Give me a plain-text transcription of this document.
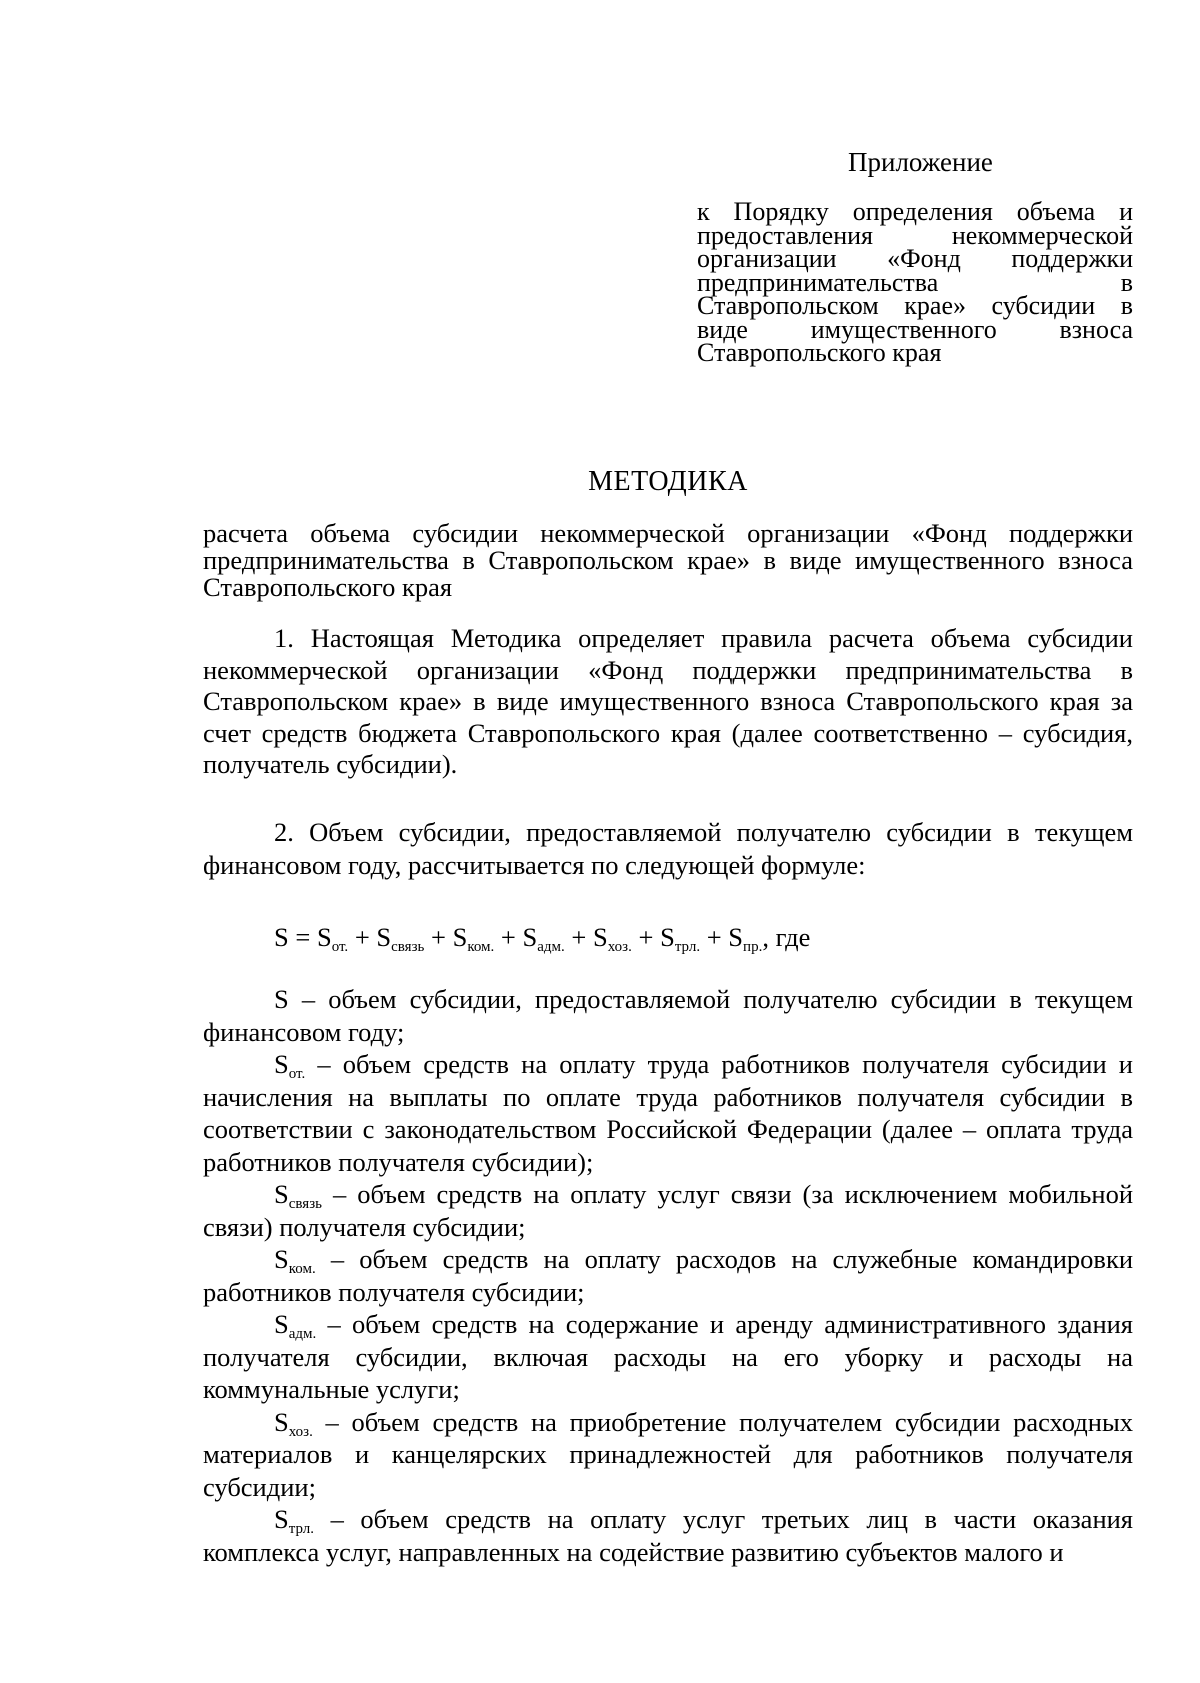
Приложение
к Порядку определения объема и предоставления некоммерческой организации «Фонд поддержки предпринимательства в Ставропольском крае» субсидии в виде имущественного взноса Ставропольского края
МЕТОДИКА
расчета объема субсидии некоммерческой организации «Фонд поддержки предпринимательства в Ставропольском крае» в виде имущественного взноса Ставропольского края
1. Настоящая Методика определяет правила расчета объема субсидии некоммерческой организации «Фонд поддержки предпринимательства в Ставропольском крае» в виде имущественного взноса Ставропольского края за счет средств бюджета Ставропольского края (далее соответственно – субсидия, получатель субсидии).
2. Объем субсидии, предоставляемой получателю субсидии в текущем финансовом году, рассчитывается по следующей формуле:
$S = S_{от.} + S_{связь} + S_{ком.} + S_{адм.} + S_{хоз.} + S_{трл.} + S_{пр.}$, где

S – объем субсидии, предоставляемой получателю субсидии в текущем финансовом году;

$S_{от.}$ – объем средств на оплату труда работников получателя субсидии и начисления на выплаты по оплате труда работников получателя субсидии в соответствии с законодательством Российской Федерации (далее – оплата труда работников получателя субсидии);

$S_{связь}$ – объем средств на оплату услуг связи (за исключением мобильной связи) получателя субсидии;

$S_{ком.}$ – объем средств на оплату расходов на служебные командировки работников получателя субсидии;

$S_{адм.}$ – объем средств на содержание и аренду административного здания получателя субсидии, включая расходы на его уборку и расходы на коммунальные услуги;

$S_{хоз.}$ – объем средств на приобретение получателем субсидии расходных материалов и канцелярских принадлежностей для работников получателя субсидии;

$S_{трл.}$ – объем средств на оплату услуг третьих лиц в части оказания комплекса услуг, направленных на содействие развитию субъектов малого и
